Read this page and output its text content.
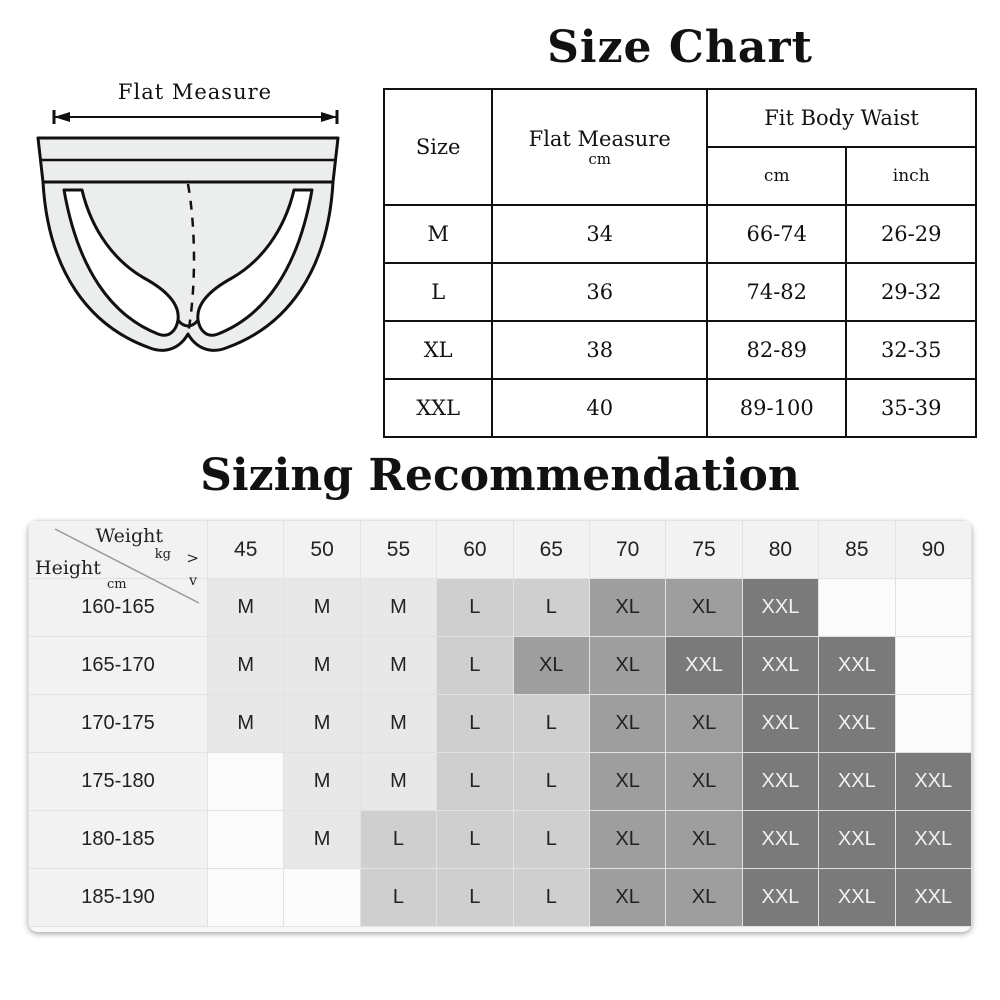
Flat Measure
Size Chart
Size	Flat Measure
cm	Fit Body Waist	
		cm	inch
M	34	66-74	26-29
L	36	74-82	29-32
XL	38	82-89	32-35
XXL	40	89-100	35-39
Sizing Recommendation
Weight
kg >
Height
cm	v
	45	50	55	60	65	70	75	80	85	90
160-165	M	M	M	L	L	XL	XL	XXL		
165-170	M	M	M	L	XL	XL	XXL	XXL	XXL	
170-175	M	M	M	L	L	XL	XL	XXL	XXL	
175-180		M	M	L	L	XL	XL	XXL	XXL	XXL
180-185		M	L	L	L	XL	XL	XXL	XXL	XXL
185-190			L	L	L	XL	XL	XXL	XXL	XXL
